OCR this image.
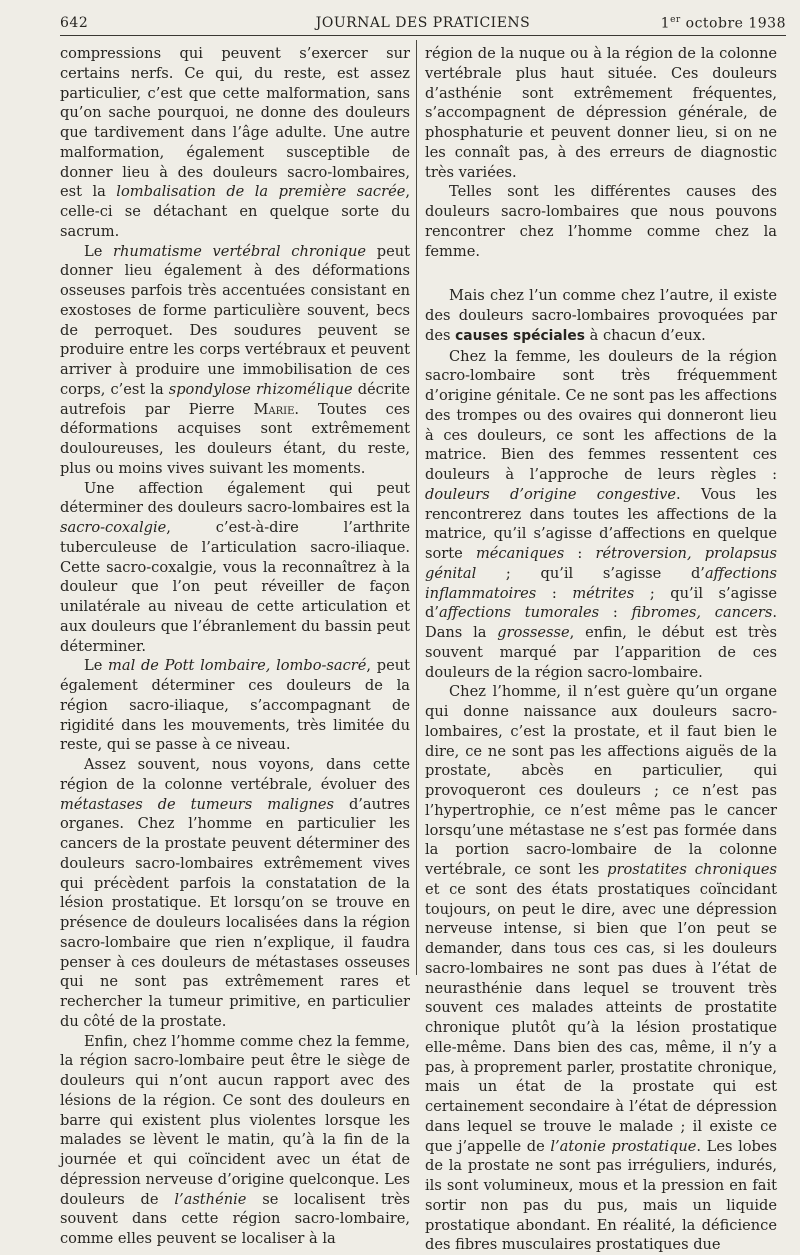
642	JOURNAL DES PRATICIENS	1er octobre 1938

compressions qui peuvent s’exercer sur certains nerfs. Ce qui, du reste, est assez particulier, c’est que cette malformation, sans qu’on sache pourquoi, ne donne des douleurs que tardivement dans l’âge adulte. Une autre malformation, également susceptible de donner lieu à des douleurs sacro-lombaires, est la lombalisation de la première sacrée, celle-ci se détachant en quelque sorte du sacrum.

Le rhumatisme vertébral chronique peut donner lieu également à des déformations osseuses parfois très accentuées consistant en exostoses de forme particulière souvent, becs de perroquet. Des soudures peuvent se produire entre les corps vertébraux et peuvent arriver à produire une immobilisation de ces corps, c’est la spondylose rhizomélique décrite autrefois par Pierre Marie. Toutes ces déformations acquises sont extrêmement douloureuses, les douleurs étant, du reste, plus ou moins vives suivant les moments.

Une affection également qui peut déterminer des douleurs sacro-lombaires est la sacro-coxalgie, c’est-à-dire l’arthrite tuberculeuse de l’articulation sacro-iliaque. Cette sacro-coxalgie, vous la reconnaîtrez à la douleur que l’on peut réveiller de façon unilatérale au niveau de cette articulation et aux douleurs que l’ébranlement du bassin peut déterminer.

Le mal de Pott lombaire, lombo-sacré, peut également déterminer ces douleurs de la région sacro-iliaque, s’accompagnant de rigidité dans les mouvements, très limitée du reste, qui se passe à ce niveau.

Assez souvent, nous voyons, dans cette région de la colonne vertébrale, évoluer des métastases de tumeurs malignes d’autres organes. Chez l’homme en particulier les cancers de la prostate peuvent déterminer des douleurs sacro-lombaires extrêmement vives qui précèdent parfois la constatation de la lésion prostatique. Et lorsqu’on se trouve en présence de douleurs localisées dans la région sacro-lombaire que rien n’explique, il faudra penser à ces douleurs de métastases osseuses qui ne sont pas extrêmement rares et rechercher la tumeur primitive, en particulier du côté de la prostate.

Enfin, chez l’homme comme chez la femme, la région sacro-lombaire peut être le siège de douleurs qui n’ont aucun rapport avec des lésions de la région. Ce sont des douleurs en barre qui existent plus violentes lorsque les malades se lèvent le matin, qu’à la fin de la journée et qui coïncident avec un état de dépression nerveuse d’origine quelconque. Les douleurs de l’asthénie se localisent très souvent dans cette région sacro-lombaire, comme elles peuvent se localiser à la

région de la nuque ou à la région de la colonne vertébrale plus haut située. Ces douleurs d’asthénie sont extrêmement fréquentes, s’accompagnent de dépression générale, de phosphaturie et peuvent donner lieu, si on ne les connaît pas, à des erreurs de diagnostic très variées.

Telles sont les différentes causes des douleurs sacro-lombaires que nous pouvons rencontrer chez l’homme comme chez la femme.

Mais chez l’un comme chez l’autre, il existe des douleurs sacro-lombaires provoquées par des causes spéciales à chacun d’eux.

Chez la femme, les douleurs de la région sacro-lombaire sont très fréquemment d’origine génitale. Ce ne sont pas les affections des trompes ou des ovaires qui donneront lieu à ces douleurs, ce sont les affections de la matrice. Bien des femmes ressentent ces douleurs à l’approche de leurs règles : douleurs d’origine congestive. Vous les rencontrerez dans toutes les affections de la matrice, qu’il s’agisse d’affections en quelque sorte mécaniques : rétroversion, prolapsus génital ; qu’il s’agisse d’affections inflammatoires : métrites ; qu’il s’agisse d’affections tumorales : fibromes, cancers. Dans la grossesse, enfin, le début est très souvent marqué par l’apparition de ces douleurs de la région sacro-lombaire.

Chez l’homme, il n’est guère qu’un organe qui donne naissance aux douleurs sacro-lombaires, c’est la prostate, et il faut bien le dire, ce ne sont pas les affections aiguës de la prostate, abcès en particulier, qui provoqueront ces douleurs ; ce n’est pas l’hypertrophie, ce n’est même pas le cancer lorsqu’une métastase ne s’est pas formée dans la portion sacro-lombaire de la colonne vertébrale, ce sont les prostatites chroniques et ce sont des états prostatiques coïncidant toujours, on peut le dire, avec une dépression nerveuse intense, si bien que l’on peut se demander, dans tous ces cas, si les douleurs sacro-lombaires ne sont pas dues à l’état de neurasthénie dans lequel se trouvent très souvent ces malades atteints de prostatite chronique plutôt qu’à la lésion prostatique elle-même. Dans bien des cas, même, il n’y a pas, à proprement parler, prostatite chronique, mais un état de la prostate qui est certainement secondaire à l’état de dépression dans lequel se trouve le malade ; il existe ce que j’appelle de l’atonie prostatique. Les lobes de la prostate ne sont pas irréguliers, indurés, ils sont volumineux, mous et la pression en fait sortir non pas du pus, mais un liquide prostatique abondant. En réalité, la déficience des fibres musculaires prostatiques due
